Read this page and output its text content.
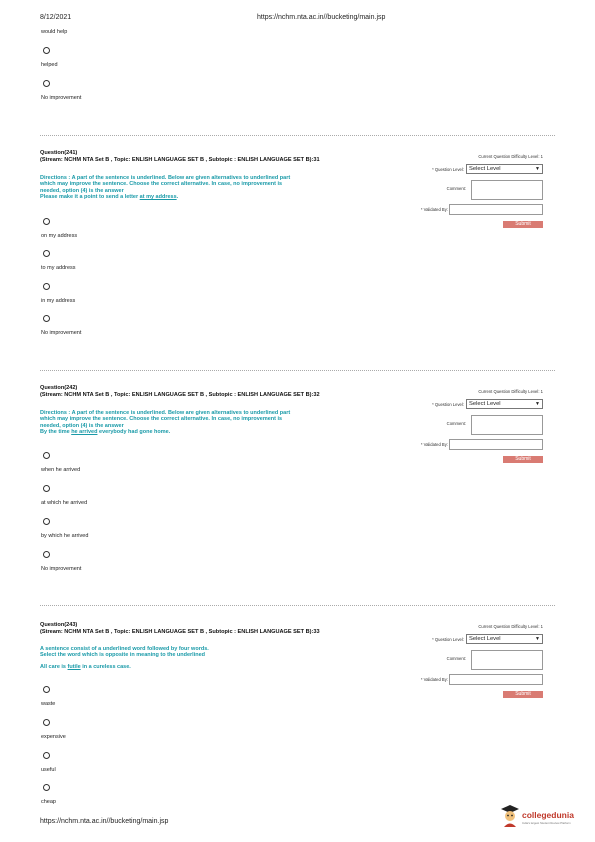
8/12/2021	https://nchm.nta.ac.in//bucketing/main.jsp
would help
helped
No improvement
Question(241)
(Stream: NCHM NTA Set B , Topic: ENLISH LANGUAGE SET B , Subtopic : ENLISH LANGUAGE SET B):31
Directions : A part of the sentence is underlined. Below are given alternatives to underlined part
which may improve the sentence. Choose the correct alternative. In case, no improvement is
needed, option (4) is the answer
Please make it a point to send a letter at my address.
on my address
to my address
in my address
No improvement
Current Question Difficulty Level: 1
* Question Level: Select Level	▼
Comment:
* Validated By:
Submit
Question(242)
(Stream: NCHM NTA Set B , Topic: ENLISH LANGUAGE SET B , Subtopic : ENLISH LANGUAGE SET B):32
Directions : A part of the sentence is underlined. Below are given alternatives to underlined part
which may improve the sentence. Choose the correct alternative. In case, no improvement is
needed, option (4) is the answer
By the time he arrived everybody had gone home.
when he arrived
at which he arrived
by which he arrived
No improvement
Current Question Difficulty Level: 1
* Question Level: Select Level	▼
Comment:
* Validated By:
Submit
Question(243)
(Stream: NCHM NTA Set B , Topic: ENLISH LANGUAGE SET B , Subtopic : ENLISH LANGUAGE SET B):33
A sentence consist of a underlined word followed by four words.
Select the word which is opposite in meaning to the underlined
All care is futile in a cureless case.
waste
expensive
useful
cheap
Current Question Difficulty Level: 1
* Question Level: Select Level	▼
Comment:
* Validated By:
Submit
https://nchm.nta.ac.in//bucketing/main.jsp
collegedunia
India's largest Student Review Platform
